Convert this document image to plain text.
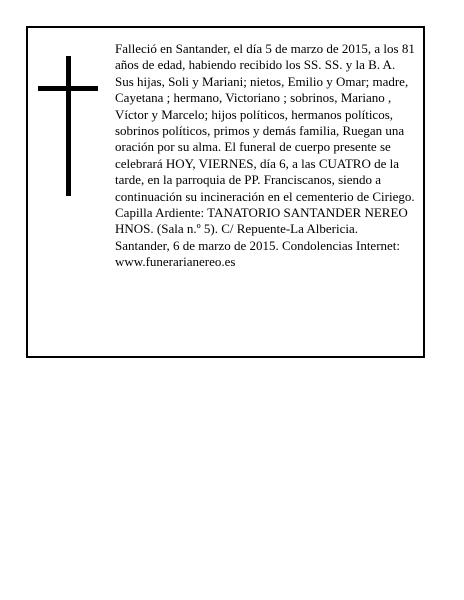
Falleció en Santander, el día 5 de marzo de 2015, a los 81 años de edad, habiendo recibido los SS. SS. y la B. A.

Sus hijas, Soli y Mariani; nietos, Emilio y Omar; madre, Cayetana ; hermano, Victoriano ; sobrinos, Mariano , Víctor y Marcelo; hijos políticos, hermanos políticos, sobrinos políticos, primos y demás familia, Ruegan una oración por su alma. El funeral de cuerpo presente se celebrará HOY, VIERNES, día 6, a las CUATRO de la tarde, en la parroquia de PP. Franciscanos, siendo a continuación su incineración en el cementerio de Ciriego. Capilla Ardiente: TANATORIO SANTANDER NEREO HNOS. (Sala n.º 5). C/ Repuente-La Albericia.

Santander, 6 de marzo de 2015. Condolencias Internet: www.funerarianereo.es
